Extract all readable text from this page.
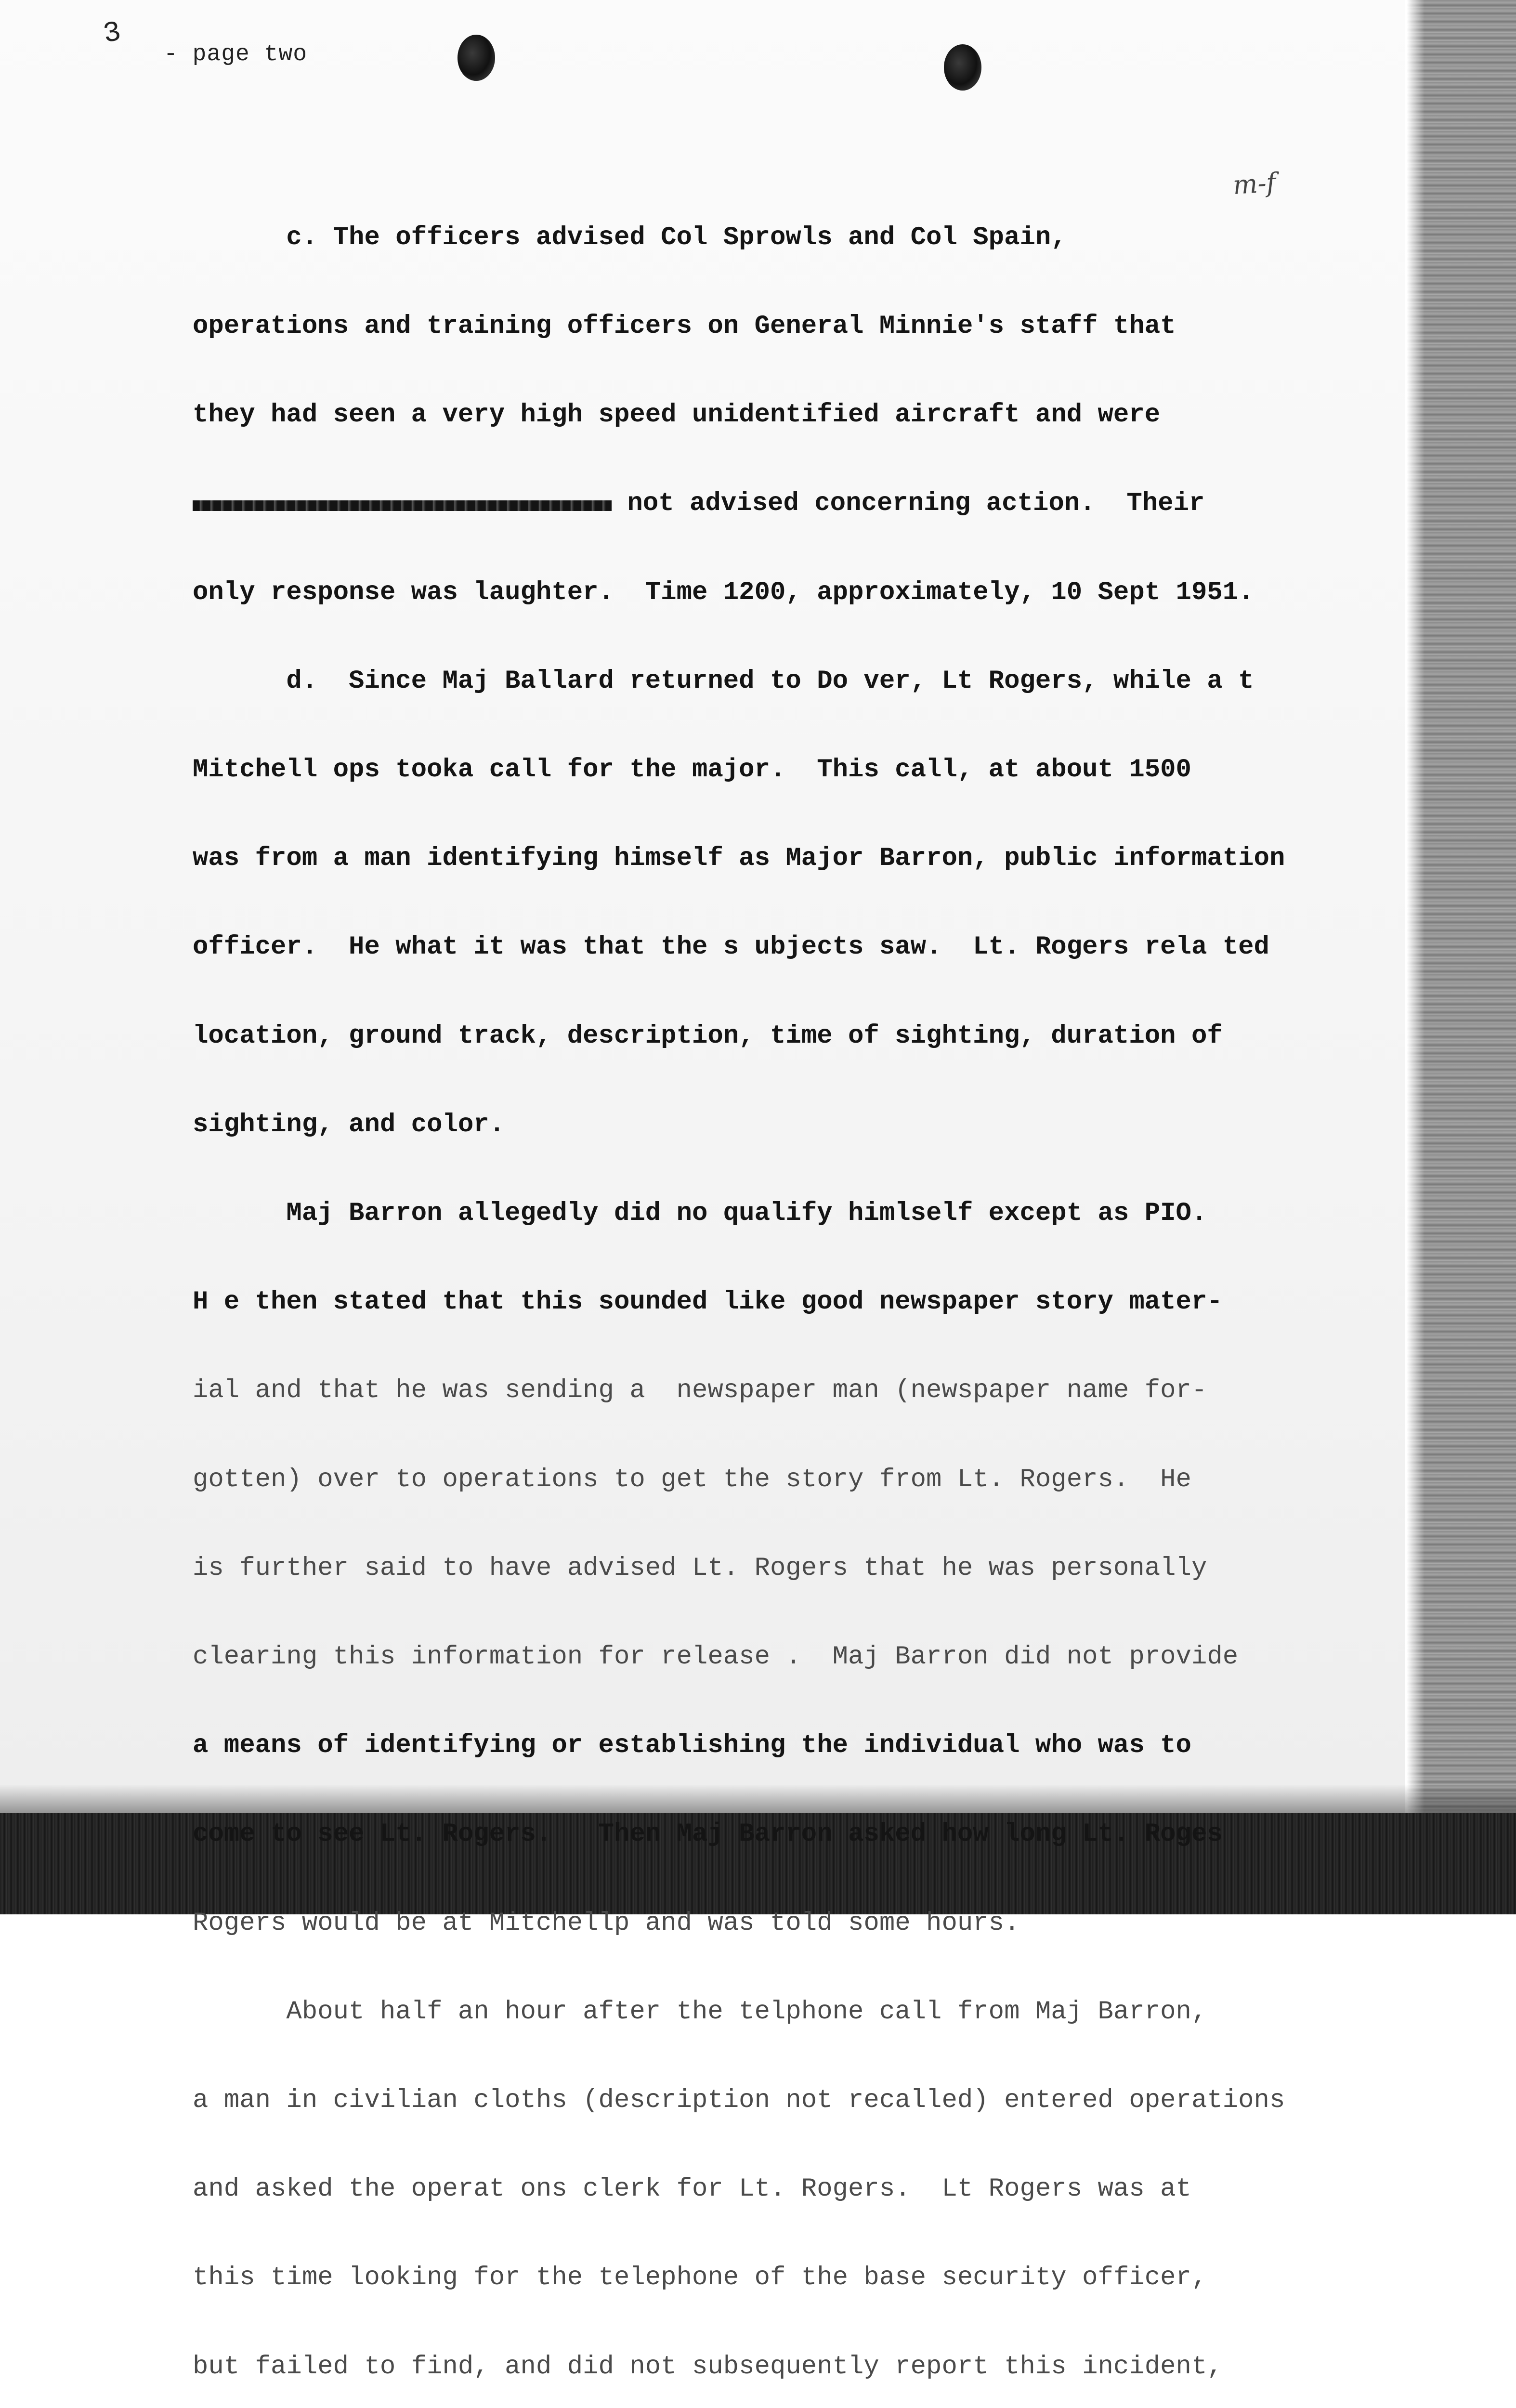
3
- page two
m-f

c. The officers advised Col Sprowls and Col Spain,

operations and training officers on General Minnie's staff that

they had seen a very high speed unidentified aircraft and were

not advised concerning action.  Their

only response was laughter.  Time 1200, approximately, 10 Sept 1951.

d.  Since Maj Ballard returned to Do ver, Lt Rogers, while a t

Mitchell ops tooka call for the major.  This call, at about 1500

was from a man identifying himself as Major Barron, public information

officer.  He what it was that the s ubjects saw.  Lt. Rogers rela ted

location, ground track, description, time of sighting, duration of

sighting, and color.

Maj Barron allegedly did no qualify himlself except as PIO.

H e then stated that this sounded like good newspaper story mater-

ial and that he was sending a  newspaper man (newspaper name for-

gotten) over to operations to get the story from Lt. Rogers.  He

is further said to have advised Lt. Rogers that he was personally

clearing this information for release .  Maj Barron did not provide

a means of identifying or establishing the individual who was to

come to see Lt. Rogers.   Then Maj Barron asked how long Lt. Roges

Rogers would be at Mitchellp and was told some hours.

About half an hour after the telphone call from Maj Barron,

a man in civilian cloths (description not recalled) entered operations

and asked the operat ons clerk for Lt. Rogers.  Lt Rogers was at

this time looking for the telephone of the base security officer,

but failed to find, and did not subsequently report this incident,
